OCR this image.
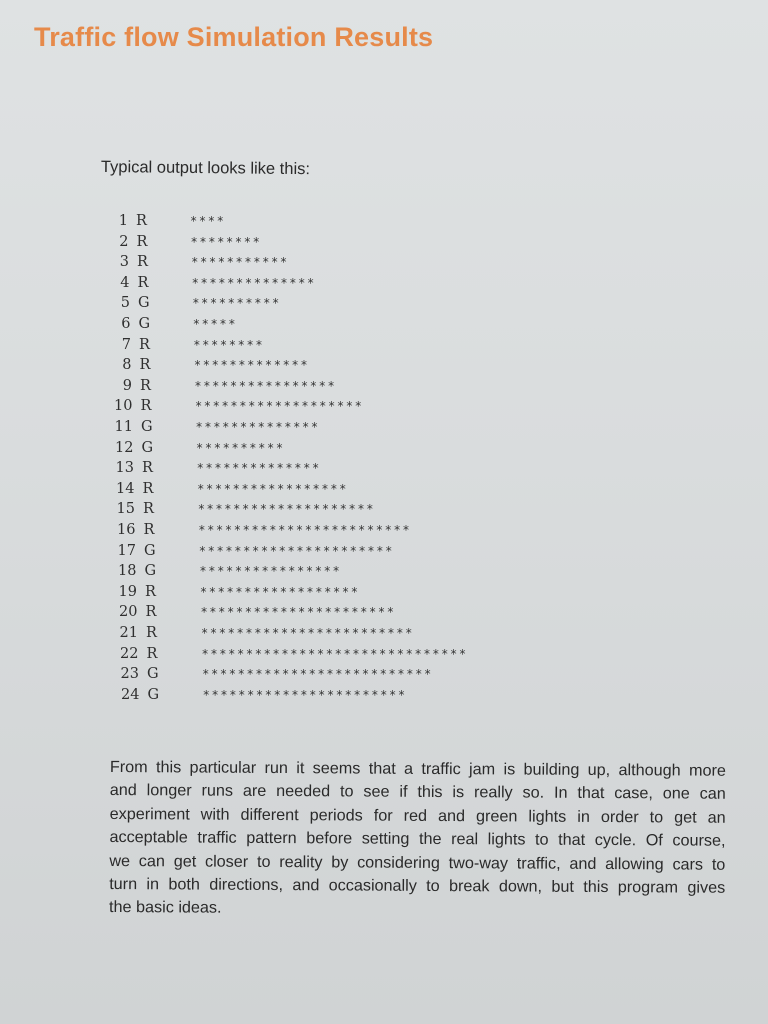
Traffic flow Simulation Results
Typical output looks like this:
1 R	****
2 R	********
3 R	***********
4 R	**************
5 G	**********
6 G	*****
7 R	********
8 R	*************
9 R	****************
10 R	*******************
11 G	**************
12 G	**********
13 R	**************
14 R	*****************
15 R	********************
16 R	************************
17 G	**********************
18 G	****************
19 R	******************
20 R	**********************
21 R	************************
22 R	******************************
23 G	**************************
24 G	***********************
From this particular run it seems that a traffic jam is building up, although more
and longer runs are needed to see if this is really so. In that case, one can
experiment with different periods for red and green lights in order to get an
acceptable traffic pattern before setting the real lights to that cycle. Of course,
we can get closer to reality by considering two-way traffic, and allowing cars to
turn in both directions, and occasionally to break down, but this program gives
the basic ideas.
